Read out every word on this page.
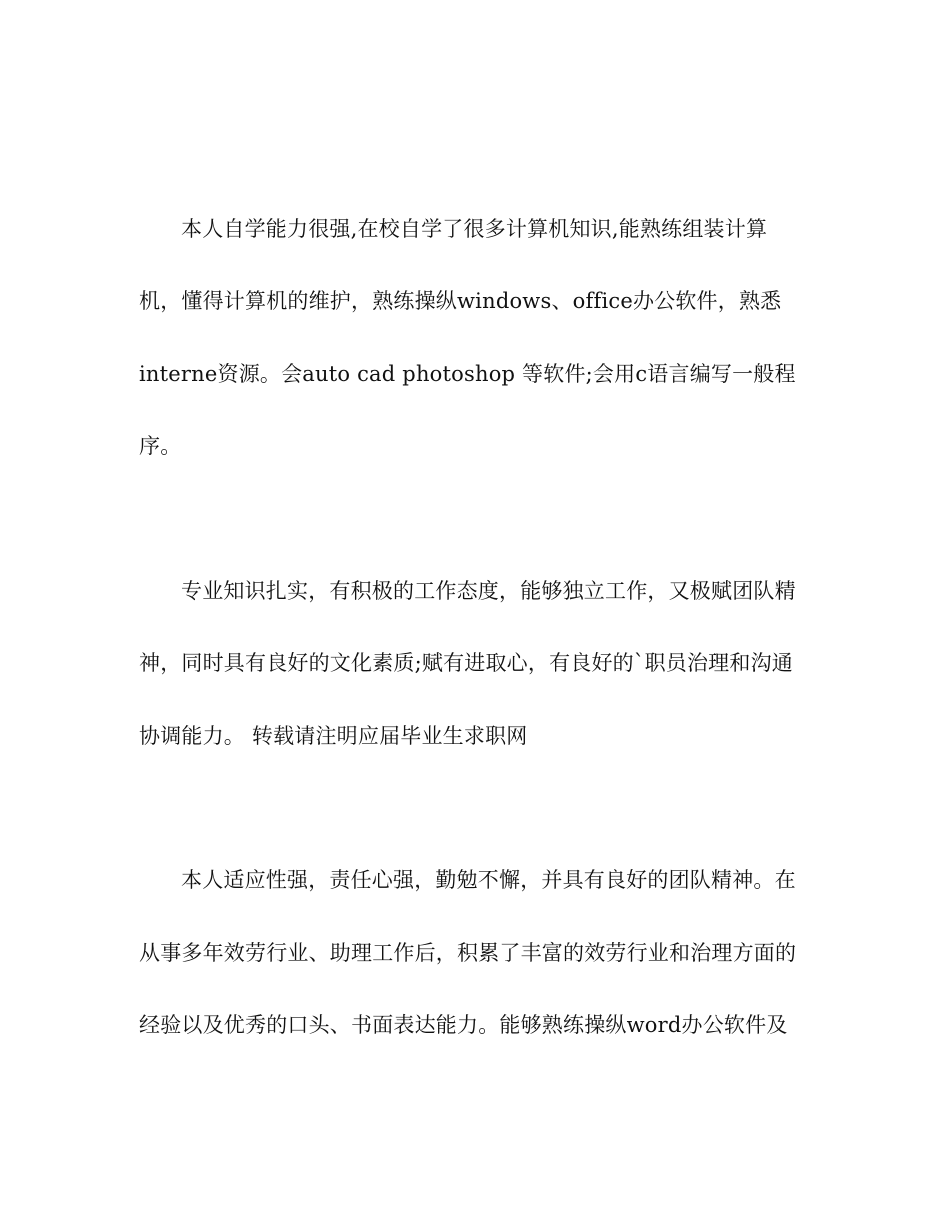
本人自学能力很强,在校自学了很多计算机知识,能熟练组装计算
机，懂得计算机的维护，熟练操纵windows、office办公软件，熟悉
interne资源。会auto cad photoshop 等软件;会用c语言编写一般程
序。
专业知识扎实，有积极的工作态度，能够独立工作，又极赋团队精
神，同时具有良好的文化素质;赋有进取心，有良好的`职员治理和沟通
协调能力。 转载请注明应届毕业生求职网
本人适应性强，责任心强，勤勉不懈，并具有良好的团队精神。在
从事多年效劳行业、助理工作后，积累了丰富的效劳行业和治理方面的
经验以及优秀的口头、书面表达能力。能够熟练操纵word办公软件及
